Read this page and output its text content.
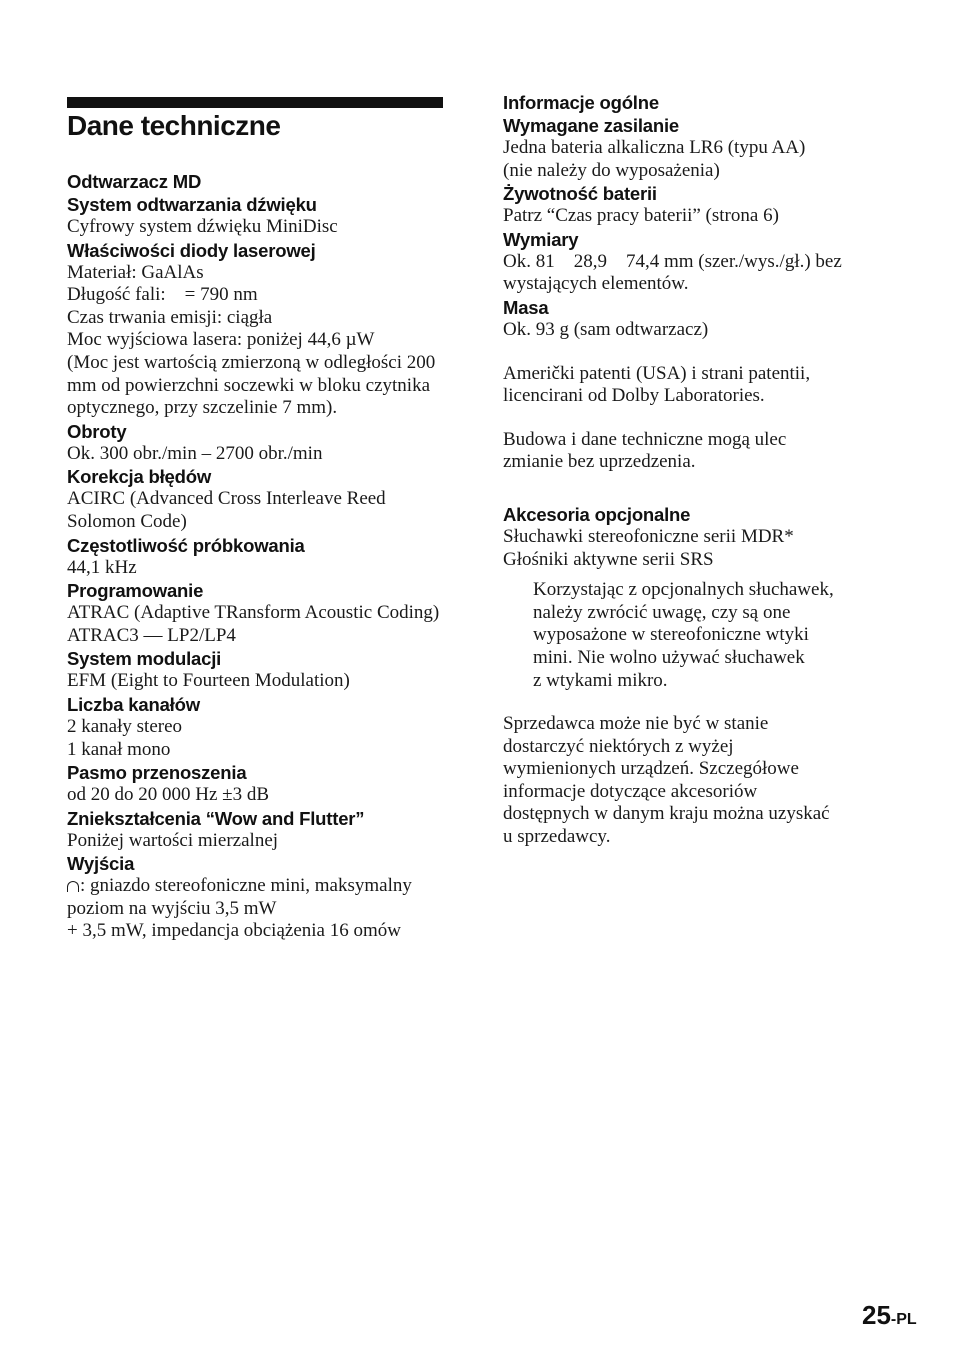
Dane techniczne
Odtwarzacz MD
System odtwarzania dźwięku
Cyfrowy system dźwięku MiniDisc
Właściwości diody laserowej
Materiał: GaAlAs
Długość fali:    = 790 nm
Czas trwania emisji: ciągła
Moc wyjściowa lasera: poniżej 44,6 µW
(Moc jest wartością zmierzoną w odległości 200 mm od powierzchni soczewki w bloku czytnika optycznego, przy szczelinie 7 mm).
Obroty
Ok. 300 obr./min – 2700 obr./min
Korekcja błędów
ACIRC (Advanced Cross Interleave Reed Solomon Code)
Częstotliwość próbkowania
44,1 kHz
Programowanie
ATRAC (Adaptive TRansform Acoustic Coding)
ATRAC3 — LP2/LP4
System modulacji
EFM (Eight to Fourteen Modulation)
Liczba kanałów
2 kanały stereo
1 kanał mono
Pasmo przenoszenia
od 20 do 20 000 Hz ±3 dB
Zniekształcenia “Wow and Flutter”
Poniżej wartości mierzalnej
Wyjścia
: gniazdo stereofoniczne mini, maksymalny poziom na wyjściu 3,5 mW
+ 3,5 mW, impedancja obciążenia 16 omów
Informacje ogólne
Wymagane zasilanie
Jedna bateria alkaliczna LR6 (typu AA)
(nie należy do wyposażenia)
Żywotność baterii
Patrz “Czas pracy baterii” (strona 6)
Wymiary
Ok. 81    28,9    74,4 mm (szer./wys./gł.) bez wystających elementów.
Masa
Ok. 93 g (sam odtwarzacz)
Američki patenti (USA) i strani patentii,
licencirani od Dolby Laboratories.
Budowa i dane techniczne mogą ulec
zmianie bez uprzedzenia.
Akcesoria opcjonalne
Słuchawki stereofoniczne serii MDR*
Głośniki aktywne serii SRS
Korzystając z opcjonalnych słuchawek,
należy zwrócić uwagę, czy są one
wyposażone w stereofoniczne wtyki
mini. Nie wolno używać słuchawek
z wtykami mikro.
Sprzedawca może nie być w stanie
dostarczyć niektórych z wyżej
wymienionych urządzeń. Szczegółowe
informacje dotyczące akcesoriów
dostępnych w danym kraju można uzyskać
u sprzedawcy.
25-PL
